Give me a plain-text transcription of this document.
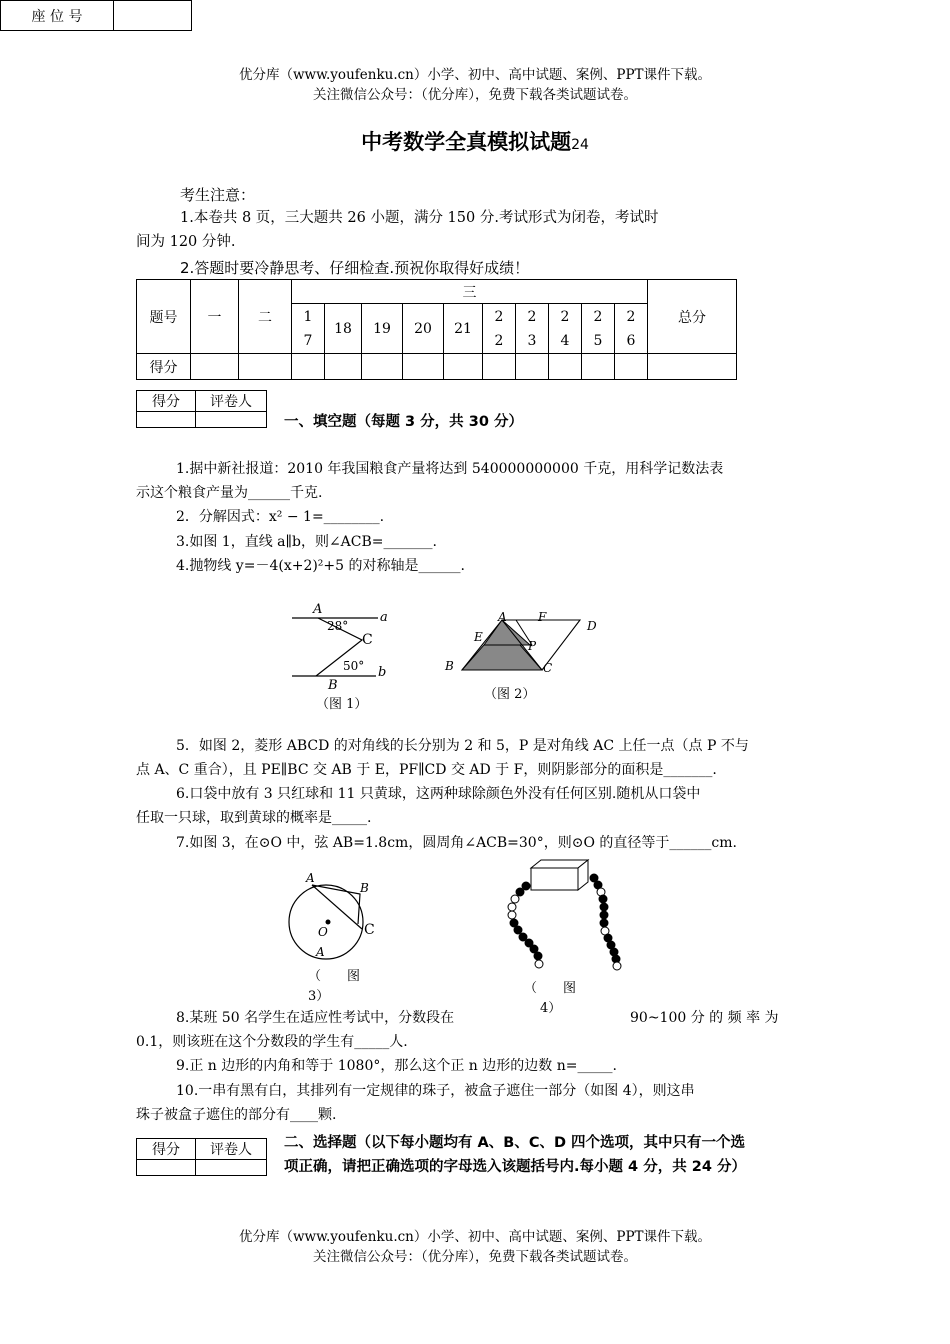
优分库（www.youfenku.cn）小学、初中、高中试题、案例、PPT课件下载。
关注微信公众号：（优分库），免费下载各类试题试卷。
中考数学全真模拟试题24
座 位 号	
考生注意：
1.本卷共 8 页，三大题共 26 小题，满分 150 分.考试形式为闭卷，考试时
间为 120 分钟.
2.答题时要冷静思考、仔细检查.预祝你取得好成绩！
题号	一	二	三										总分
			17	18	19	20	21	22	23	24	25	26	
得分													
得分	评卷人

一、填空题（每题 3 分，共 30 分）
1.据中新社报道：2010 年我国粮食产量将达到 540000000000 千克，用科学记数法表
示这个粮食产量为______千克.
2．分解因式：x² − 1=________.
3.如图 1，直线 a∥b，则∠ACB=_______.
4.抛物线 y=－4(x+2)²+5 的对称轴是______.
A
28°
a
C
50° b
B
（图 1）
A	F
D
E
P
B	C
（图 2）
5．如图 2，菱形 ABCD 的对角线的长分别为 2 和 5，P 是对角线 AC 上任一点（点 P 不与
点 A、C 重合），且 PE∥BC 交 AB 于 E，PF∥CD 交 AD 于 F，则阴影部分的面积是_______.
6.口袋中放有 3 只红球和 11 只黄球，这两种球除颜色外没有任何区别.随机从口袋中
任取一只球，取到黄球的概率是_____.
7.如图 3，在⊙O 中，弦 AB=1.8cm，圆周角∠ACB=30°，则⊙O 的直径等于______cm.
A
B
O	C
A
（　　图
3）
（　　图
4）
8.某班 50 名学生在适应性考试中，分数段在	90~100 分 的 频 率 为
0.1，则该班在这个分数段的学生有_____人.
9.正 n 边形的内角和等于 1080°，那么这个正 n 边形的边数 n=_____.
10.一串有黑有白，其排列有一定规律的珠子，被盒子遮住一部分（如图 4），则这串
珠子被盒子遮住的部分有____颗.
得分	评卷人
	二、选择题（以下每小题均有 A、B、C、D 四个选项，其中只有一个选
项正确，请把正确选项的字母选入该题括号内.每小题 4 分，共 24 分）
优分库（www.youfenku.cn）小学、初中、高中试题、案例、PPT课件下载。
关注微信公众号：（优分库），免费下载各类试题试卷。
